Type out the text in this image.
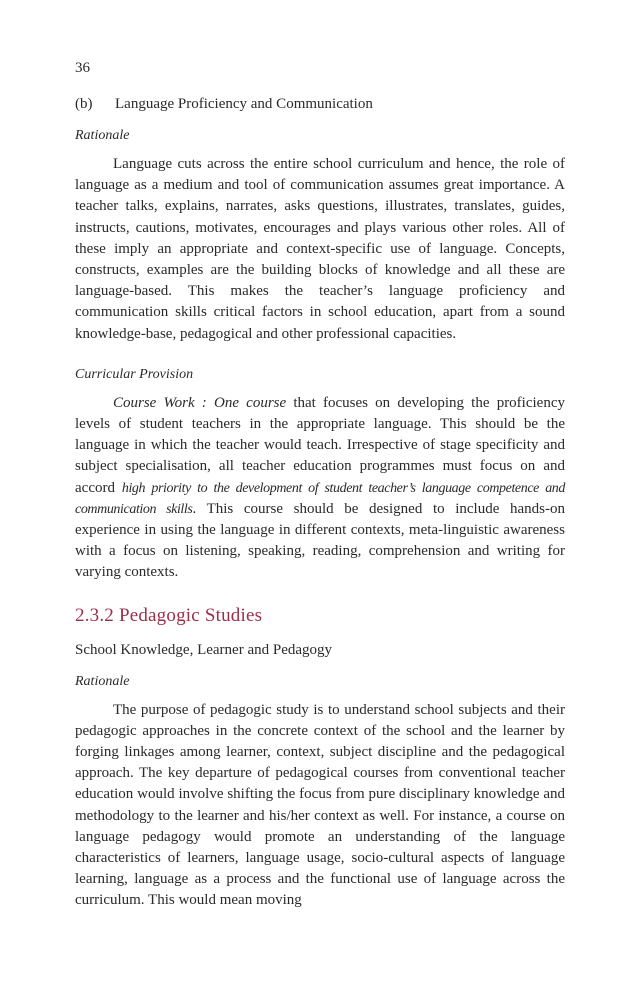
36
(b)	Language Proficiency and Communication
Rationale

Language cuts across the entire school curriculum and hence, the role of language as a medium and tool of communication assumes great importance. A teacher talks, explains, narrates, asks questions, illustrates, translates, guides, instructs, cautions, motivates, encourages and plays various other roles. All of these imply an appropriate and context-specific use of language. Concepts, constructs, examples are the building blocks of knowledge and all these are language-based. This makes the teacher’s language proficiency and communication skills critical factors in school education, apart from a sound knowledge-base, pedagogical and other professional capacities.

Curricular Provision

Course Work : One course that focuses on developing the proficiency levels of student teachers in the appropriate language. This should be the language in which the teacher would teach. Irrespective of stage specificity and subject specialisation, all teacher education programmes must focus on and accord high priority to the development of student teacher’s language competence and communication skills. This course should be designed to include hands-on experience in using the language in different contexts, meta-linguistic awareness with a focus on listening, speaking, reading, comprehension and writing for varying contexts.

2.3.2 Pedagogic Studies
School Knowledge, Learner and Pedagogy
Rationale

The purpose of pedagogic study is to understand school subjects and their pedagogic approaches in the concrete context of the school and the learner by forging linkages among learner, context, subject discipline and the pedagogical approach. The key departure of pedagogical courses from conventional teacher education would involve shifting the focus from pure disciplinary knowledge and methodology to the learner and his/her context as well. For instance, a course on language pedagogy would promote an understanding of the language characteristics of learners, language usage, socio-cultural aspects of language learning, language as a process and the functional use of language across the curriculum. This would mean moving
